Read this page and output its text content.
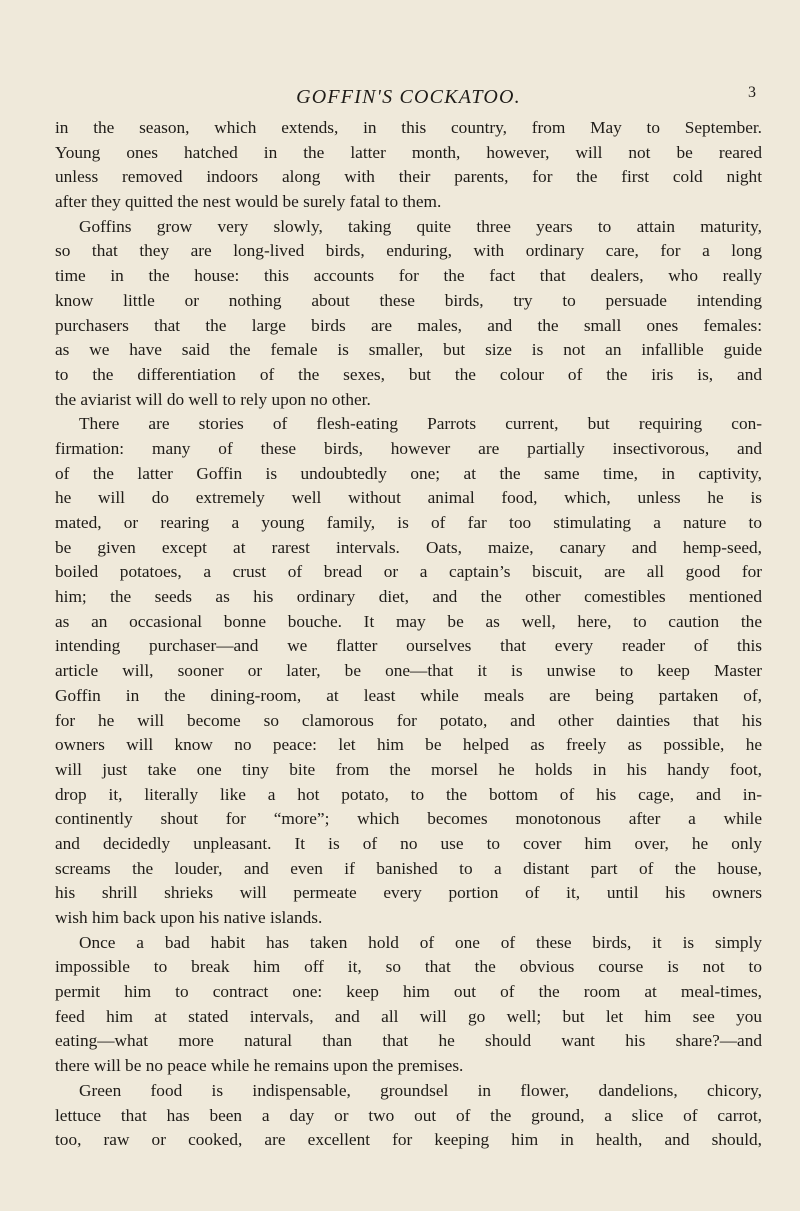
GOFFIN'S COCKATOO.	3
in the season, which extends, in this country, from May to September.
Young ones hatched in the latter month, however, will not be reared
unless removed indoors along with their parents, for the first cold night
after they quitted the nest would be surely fatal to them.
Goffins grow very slowly, taking quite three years to attain maturity,
so that they are long-lived birds, enduring, with ordinary care, for a long
time in the house: this accounts for the fact that dealers, who really
know little or nothing about these birds, try to persuade intending
purchasers that the large birds are males, and the small ones females:
as we have said the female is smaller, but size is not an infallible guide
to the differentiation of the sexes, but the colour of the iris is, and
the aviarist will do well to rely upon no other.
There are stories of flesh-eating Parrots current, but requiring con-
firmation: many of these birds, however are partially insectivorous, and
of the latter Goffin is undoubtedly one; at the same time, in captivity,
he will do extremely well without animal food, which, unless he is
mated, or rearing a young family, is of far too stimulating a nature to
be given except at rarest intervals. Oats, maize, canary and hemp-seed,
boiled potatoes, a crust of bread or a captain’s biscuit, are all good for
him; the seeds as his ordinary diet, and the other comestibles mentioned
as an occasional bonne bouche. It may be as well, here, to caution the
intending purchaser—and we flatter ourselves that every reader of this
article will, sooner or later, be one—that it is unwise to keep Master
Goffin in the dining-room, at least while meals are being partaken of,
for he will become so clamorous for potato, and other dainties that his
owners will know no peace: let him be helped as freely as possible, he
will just take one tiny bite from the morsel he holds in his handy foot,
drop it, literally like a hot potato, to the bottom of his cage, and in-
continently shout for “more”; which becomes monotonous after a while
and decidedly unpleasant. It is of no use to cover him over, he only
screams the louder, and even if banished to a distant part of the house,
his shrill shrieks will permeate every portion of it, until his owners
wish him back upon his native islands.
Once a bad habit has taken hold of one of these birds, it is simply
impossible to break him off it, so that the obvious course is not to
permit him to contract one: keep him out of the room at meal-times,
feed him at stated intervals, and all will go well; but let him see you
eating—what more natural than that he should want his share?—and
there will be no peace while he remains upon the premises.
Green food is indispensable, groundsel in flower, dandelions, chicory,
lettuce that has been a day or two out of the ground, a slice of carrot,
too, raw or cooked, are excellent for keeping him in health, and should,
